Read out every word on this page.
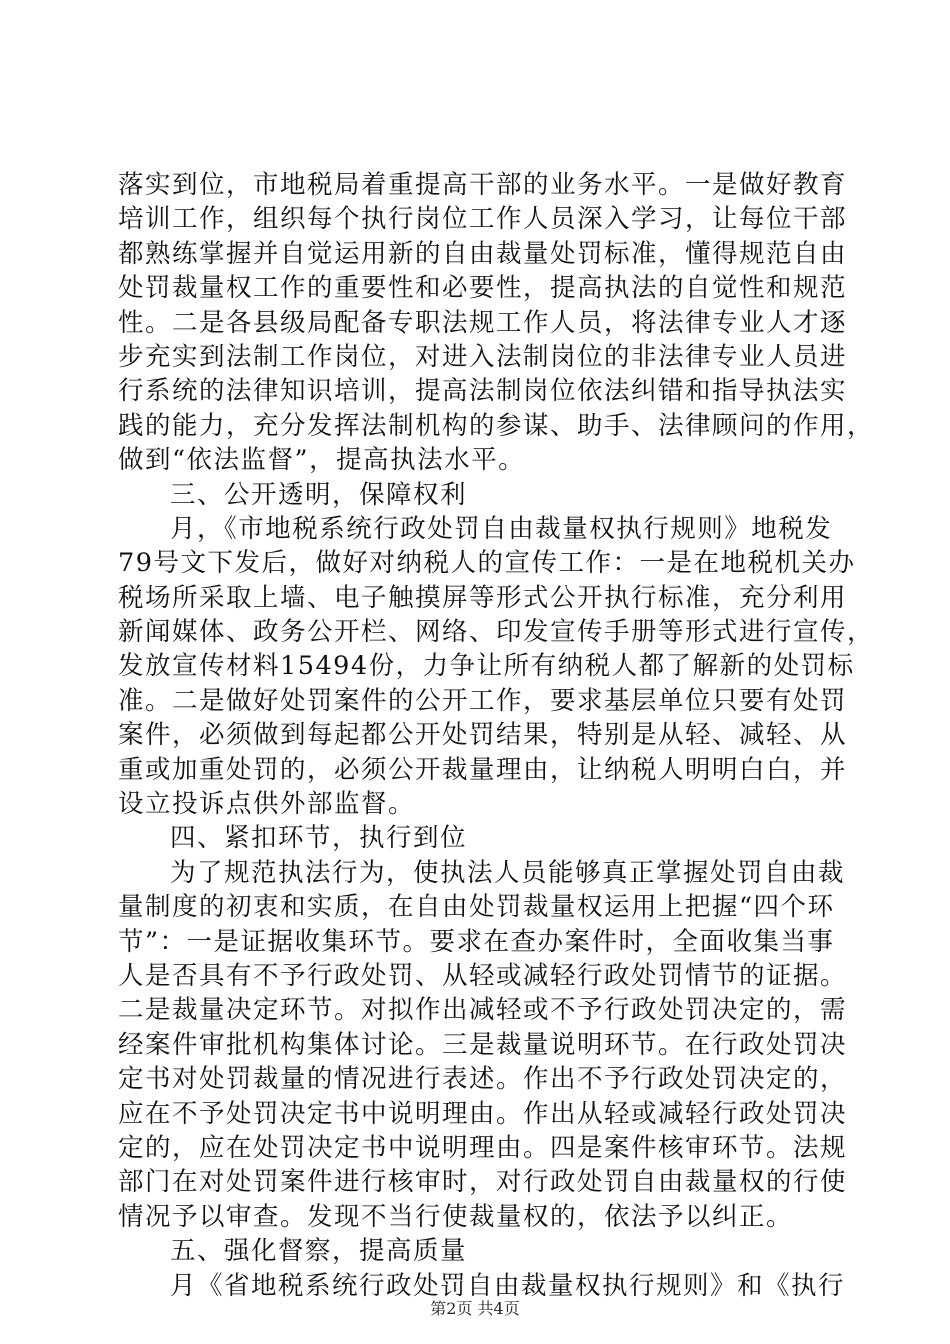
落实到位，市地税局着重提高干部的业务水平。一是做好教育
培训工作，组织每个执行岗位工作人员深入学习，让每位干部
都熟练掌握并自觉运用新的自由裁量处罚标准，懂得规范自由
处罚裁量权工作的重要性和必要性，提高执法的自觉性和规范
性。二是各县级局配备专职法规工作人员，将法律专业人才逐
步充实到法制工作岗位，对进入法制岗位的非法律专业人员进
行系统的法律知识培训，提高法制岗位依法纠错和指导执法实
践的能力，充分发挥法制机构的参谋、助手、法律顾问的作用，
做到“依法监督”，提高执法水平。
三、公开透明，保障权利
月，《市地税系统行政处罚自由裁量权执行规则》地税发
79号文下发后，做好对纳税人的宣传工作：一是在地税机关办
税场所采取上墙、电子触摸屏等形式公开执行标准，充分利用
新闻媒体、政务公开栏、网络、印发宣传手册等形式进行宣传，
发放宣传材料15494份，力争让所有纳税人都了解新的处罚标
准。二是做好处罚案件的公开工作，要求基层单位只要有处罚
案件，必须做到每起都公开处罚结果，特别是从轻、减轻、从
重或加重处罚的，必须公开裁量理由，让纳税人明明白白，并
设立投诉点供外部监督。
四、紧扣环节，执行到位
为了规范执法行为，使执法人员能够真正掌握处罚自由裁
量制度的初衷和实质，在自由处罚裁量权运用上把握“四个环
节”：一是证据收集环节。要求在查办案件时，全面收集当事
人是否具有不予行政处罚、从轻或减轻行政处罚情节的证据。
二是裁量决定环节。对拟作出减轻或不予行政处罚决定的，需
经案件审批机构集体讨论。三是裁量说明环节。在行政处罚决
定书对处罚裁量的情况进行表述。作出不予行政处罚决定的，
应在不予处罚决定书中说明理由。作出从轻或减轻行政处罚决
定的，应在处罚决定书中说明理由。四是案件核审环节。法规
部门在对处罚案件进行核审时，对行政处罚自由裁量权的行使
情况予以审查。发现不当行使裁量权的，依法予以纠正。
五、强化督察，提高质量
月《省地税系统行政处罚自由裁量权执行规则》和《执行
第2页 共4页
